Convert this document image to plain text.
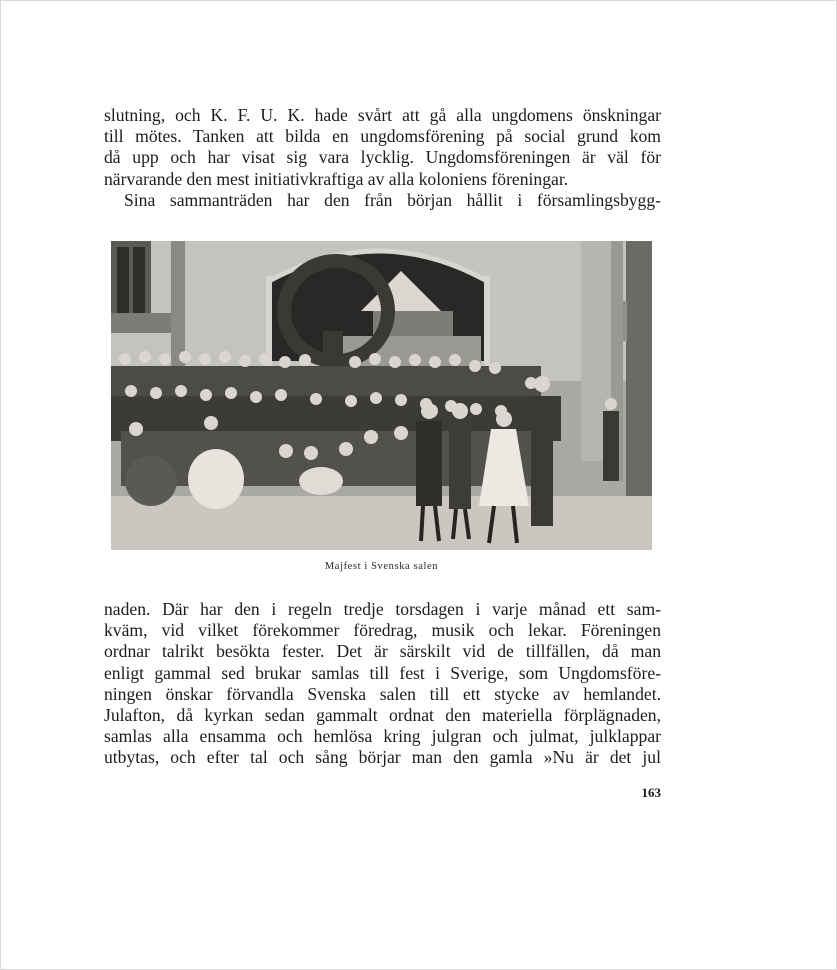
slutning, och K. F. U. K. hade svårt att gå alla ungdomens önskningar
till mötes. Tanken att bilda en ungdomsförening på social grund kom
då upp och har visat sig vara lycklig. Ungdomsföreningen är väl för
närvarande den mest initiativkraftiga av alla koloniens föreningar.
Sina sammanträden har den från början hållit i församlingsbygg-
Majfest i Svenska salen
naden. Där har den i regeln tredje torsdagen i varje månad ett sam-
kväm, vid vilket förekommer föredrag, musik och lekar. Föreningen
ordnar talrikt besökta fester. Det är särskilt vid de tillfällen, då man
enligt gammal sed brukar samlas till fest i Sverige, som Ungdomsföre-
ningen önskar förvandla Svenska salen till ett stycke av hemlandet.
Julafton, då kyrkan sedan gammalt ordnat den materiella förplägnaden,
samlas alla ensamma och hemlösa kring julgran och julmat, julklappar
utbytas, och efter tal och sång börjar man den gamla »Nu är det jul
163
